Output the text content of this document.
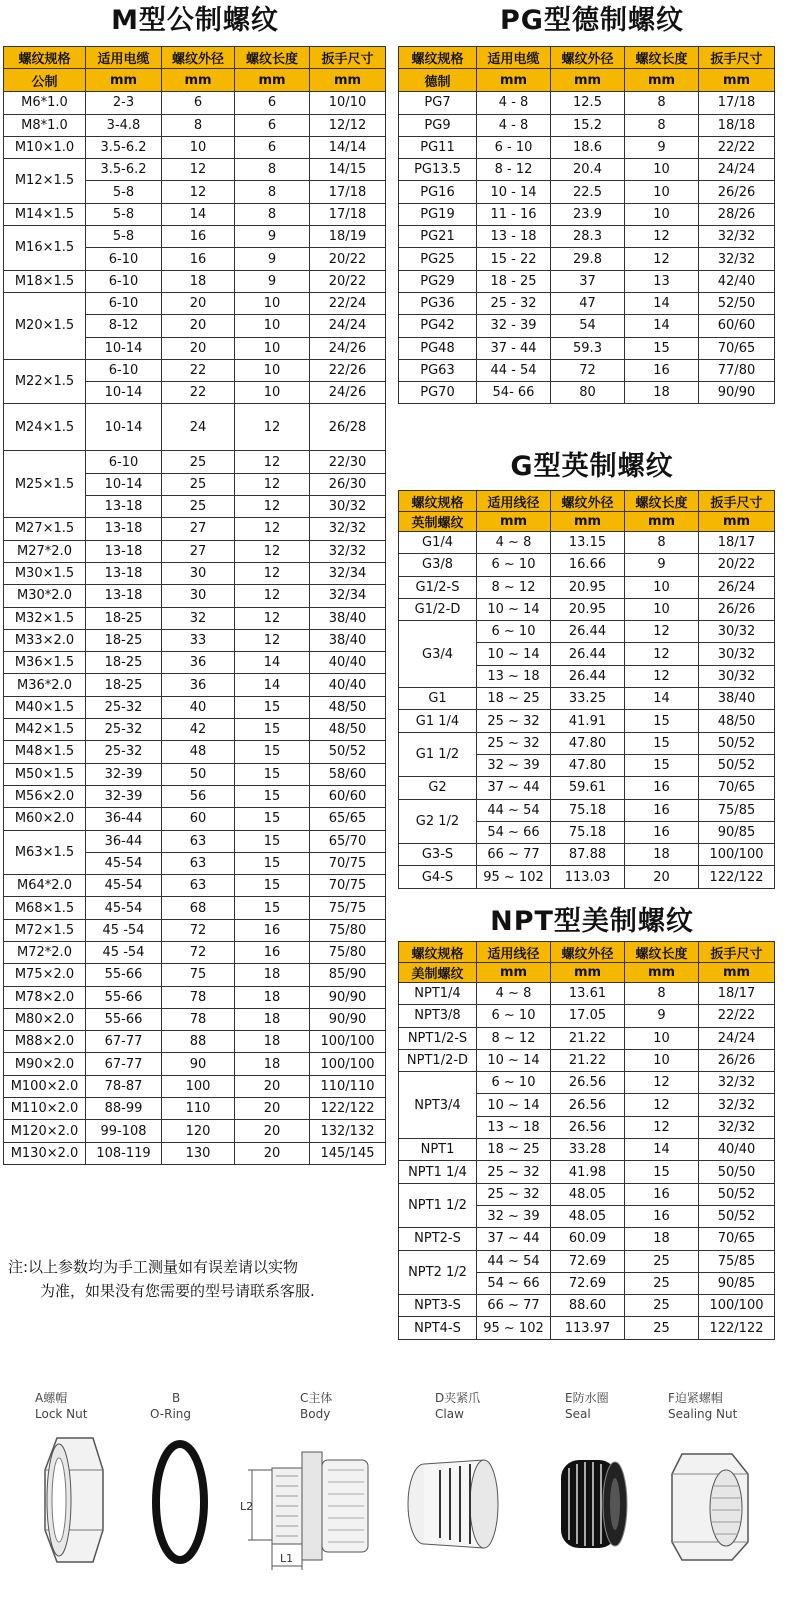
M型公制螺纹
螺纹规格	适用电缆	螺纹外径	螺纹长度	扳手尺寸
公制	mm	mm	mm	mm
M6*1.0	2-3	6	6	10/10
M8*1.0	3-4.8	8	6	12/12
M10×1.0	3.5-6.2	10	6	14/14
M12×1.5	3.5-6.2	12	8	14/15
	5-8	12	8	17/18
M14×1.5	5-8	14	8	17/18
M16×1.5	5-8	16	9	18/19
	6-10	16	9	20/22
M18×1.5	6-10	18	9	20/22
M20×1.5	6-10	20	10	22/24
	8-12	20	10	24/24
	10-14	20	10	24/26
M22×1.5	6-10	22	10	22/26
	10-14	22	10	24/26
M24×1.5	10-14	24	12	26/28
M25×1.5	6-10	25	12	22/30
	10-14	25	12	26/30
	13-18	25	12	30/32
M27×1.5	13-18	27	12	32/32
M27*2.0	13-18	27	12	32/32
M30×1.5	13-18	30	12	32/34
M30*2.0	13-18	30	12	32/34
M32×1.5	18-25	32	12	38/40
M33×2.0	18-25	33	12	38/40
M36×1.5	18-25	36	14	40/40
M36*2.0	18-25	36	14	40/40
M40×1.5	25-32	40	15	48/50
M42×1.5	25-32	42	15	48/50
M48×1.5	25-32	48	15	50/52
M50×1.5	32-39	50	15	58/60
M56×2.0	32-39	56	15	60/60
M60×2.0	36-44	60	15	65/65
M63×1.5	36-44	63	15	65/70
	45-54	63	15	70/75
M64*2.0	45-54	63	15	70/75
M68×1.5	45-54	68	15	75/75
M72×1.5	45 -54	72	16	75/80
M72*2.0	45 -54	72	16	75/80
M75×2.0	55-66	75	18	85/90
M78×2.0	55-66	78	18	90/90
M80×2.0	55-66	78	18	90/90
M88×2.0	67-77	88	18	100/100
M90×2.0	67-77	90	18	100/100
M100×2.0	78-87	100	20	110/110
M110×2.0	88-99	110	20	122/122
M120×2.0	99-108	120	20	132/132
M130×2.0	108-119	130	20	145/145
PG型德制螺纹
螺纹规格	适用电缆	螺纹外径	螺纹长度	扳手尺寸
德制	mm	mm	mm	mm
PG7	4 - 8	12.5	8	17/18
PG9	4 - 8	15.2	8	18/18
PG11	6 - 10	18.6	9	22/22
PG13.5	8 - 12	20.4	10	24/24
PG16	10 - 14	22.5	10	26/26
PG19	11 - 16	23.9	10	28/26
PG21	13 - 18	28.3	12	32/32
PG25	15 - 22	29.8	12	32/32
PG29	18 - 25	37	13	42/40
PG36	25 - 32	47	14	52/50
PG42	32 - 39	54	14	60/60
PG48	37 - 44	59.3	15	70/65
PG63	44 - 54	72	16	77/80
PG70	54- 66	80	18	90/90
G型英制螺纹
螺纹规格	适用线径	螺纹外径	螺纹长度	扳手尺寸
英制螺纹	mm	mm	mm	mm
G1/4	4 ~ 8	13.15	8	18/17
G3/8	6 ~ 10	16.66	9	20/22
G1/2-S	8 ~ 12	20.95	10	26/24
G1/2-D	10 ~ 14	20.95	10	26/26
G3/4	6 ~ 10	26.44	12	30/32
	10 ~ 14	26.44	12	30/32
	13 ~ 18	26.44	12	30/32
G1	18 ~ 25	33.25	14	38/40
G1 1/4	25 ~ 32	41.91	15	48/50
G1 1/2	25 ~ 32	47.80	15	50/52
	32 ~ 39	47.80	15	50/52
G2	37 ~ 44	59.61	16	70/65
G2 1/2	44 ~ 54	75.18	16	75/85
	54 ~ 66	75.18	16	90/85
G3-S	66 ~ 77	87.88	18	100/100
G4-S	95 ~ 102	113.03	20	122/122
NPT型美制螺纹
螺纹规格	适用线径	螺纹外径	螺纹长度	扳手尺寸
美制螺纹	mm	mm	mm	mm
NPT1/4	4 ~ 8	13.61	8	18/17
NPT3/8	6 ~ 10	17.05	9	22/22
NPT1/2-S	8 ~ 12	21.22	10	24/24
NPT1/2-D	10 ~ 14	21.22	10	26/26
NPT3/4	6 ~ 10	26.56	12	32/32
	10 ~ 14	26.56	12	32/32
	13 ~ 18	26.56	12	32/32
NPT1	18 ~ 25	33.28	14	40/40
NPT1 1/4	25 ~ 32	41.98	15	50/50
NPT1 1/2	25 ~ 32	48.05	16	50/52
	32 ~ 39	48.05	16	50/52
NPT2-S	37 ~ 44	60.09	18	70/65
NPT2 1/2	44 ~ 54	72.69	25	75/85
	54 ~ 66	72.69	25	90/85
NPT3-S	66 ~ 77	88.60	25	100/100
NPT4-S	95 ~ 102	113.97	25	122/122
注:以上参数均为手工测量如有误差请以实物
为准，如果没有您需要的型号请联系客服.
A螺帽
Lock Nut
B
O-Ring
C主体
Body
L2
L1
D夹紧爪
Claw
E防水圈
Seal
F迫紧螺帽
Sealing Nut
